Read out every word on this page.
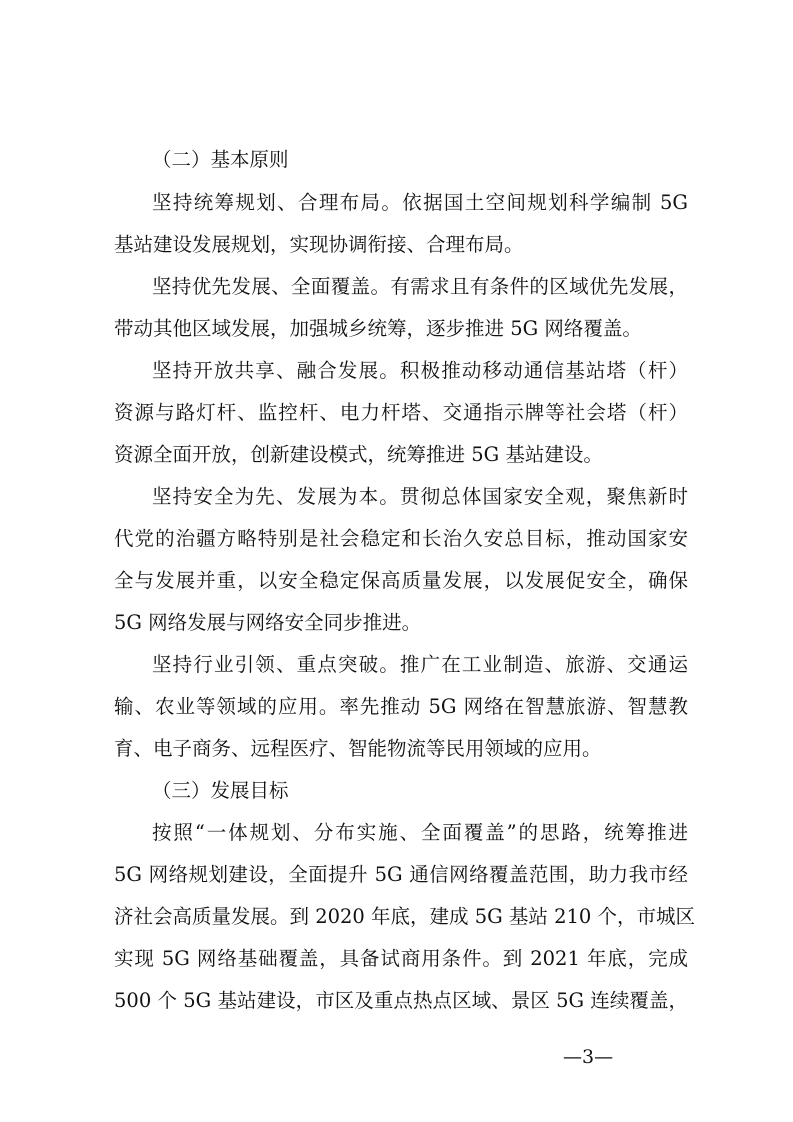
（二）基本原则
坚持统筹规划、合理布局。依据国土空间规划科学编制 5G
基站建设发展规划，实现协调衔接、合理布局。
坚持优先发展、全面覆盖。有需求且有条件的区域优先发展，
带动其他区域发展，加强城乡统筹，逐步推进 5G 网络覆盖。
坚持开放共享、融合发展。积极推动移动通信基站塔（杆）
资源与路灯杆、监控杆、电力杆塔、交通指示牌等社会塔（杆）
资源全面开放，创新建设模式，统筹推进 5G 基站建设。
坚持安全为先、发展为本。贯彻总体国家安全观，聚焦新时
代党的治疆方略特别是社会稳定和长治久安总目标，推动国家安
全与发展并重，以安全稳定保高质量发展，以发展促安全，确保
5G 网络发展与网络安全同步推进。
坚持行业引领、重点突破。推广在工业制造、旅游、交通运
输、农业等领域的应用。率先推动 5G 网络在智慧旅游、智慧教
育、电子商务、远程医疗、智能物流等民用领域的应用。
（三）发展目标
按照“一体规划、分布实施、全面覆盖”的思路，统筹推进
5G 网络规划建设，全面提升 5G 通信网络覆盖范围，助力我市经
济社会高质量发展。到 2020 年底，建成 5G 基站 210 个，市城区
实现 5G 网络基础覆盖，具备试商用条件。到 2021 年底，完成
500 个 5G 基站建设，市区及重点热点区域、景区 5G 连续覆盖，
—3—
